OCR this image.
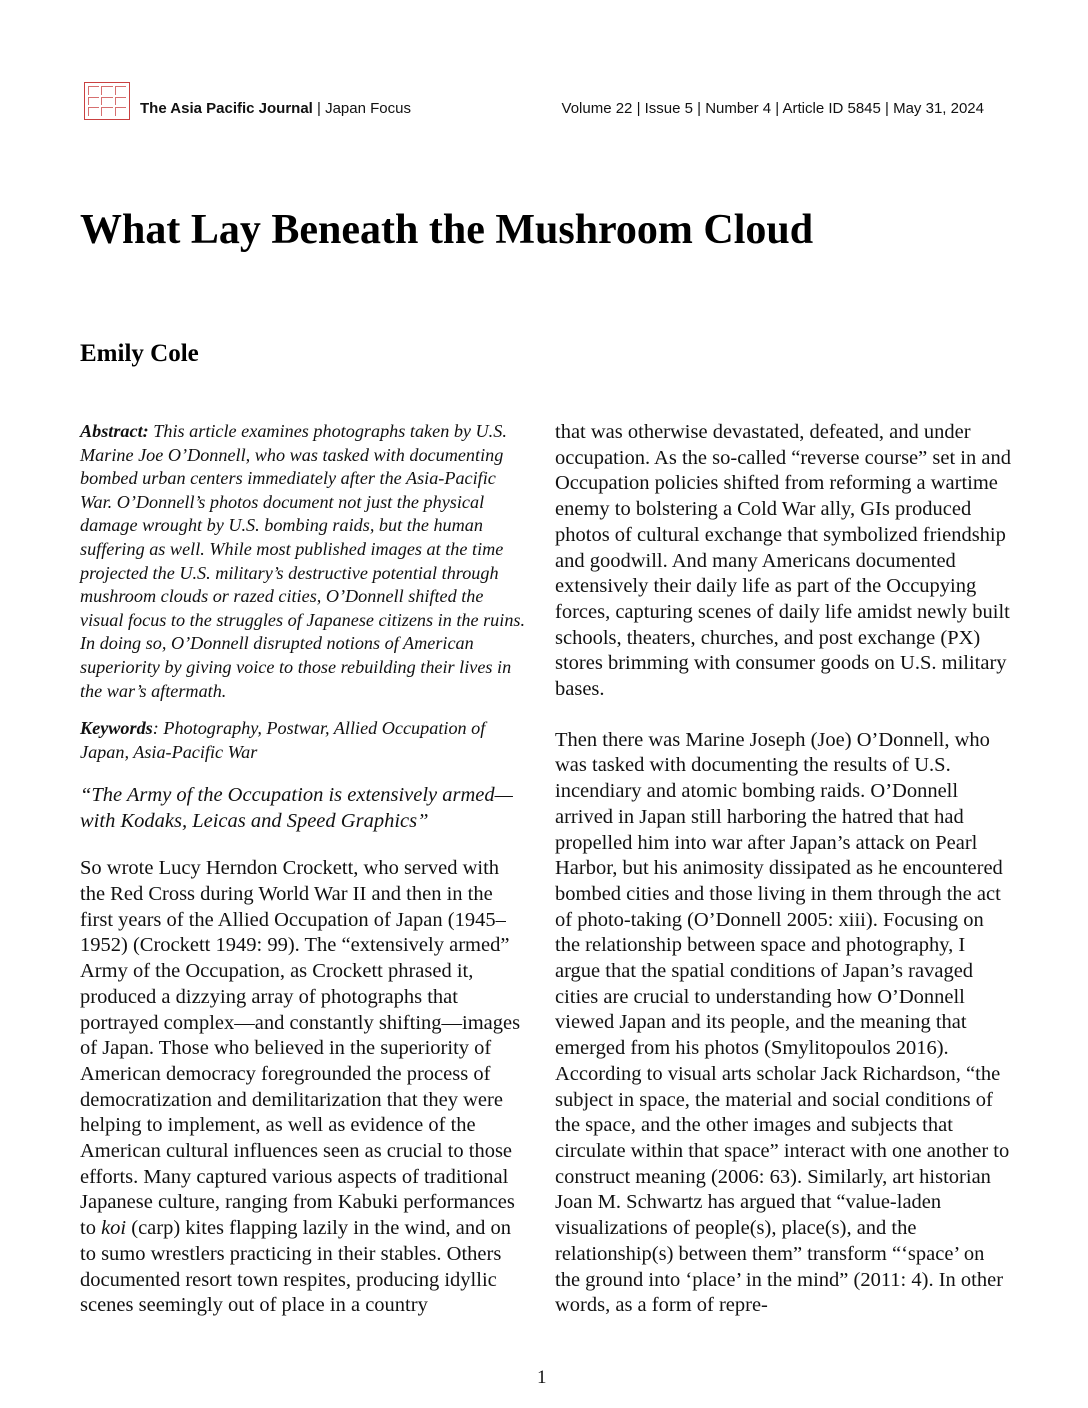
The Asia Pacific Journal | Japan Focus	Volume 22 | Issue 5 | Number 4 | Article ID 5845 | May 31, 2024
What Lay Beneath the Mushroom Cloud
Emily Cole

Abstract: This article examines photographs taken by U.S. Marine Joe O’Donnell, who was tasked with documenting bombed urban centers immediately after the Asia-Pacific War. O’Donnell’s photos document not just the physical damage wrought by U.S. bombing raids, but the human suffering as well. While most published images at the time projected the U.S. military’s destructive potential through mushroom clouds or razed cities, O’Donnell shifted the visual focus to the struggles of Japanese citizens in the ruins. In doing so, O’Donnell disrupted notions of American superiority by giving voice to those rebuilding their lives in the war’s aftermath.

Keywords: Photography, Postwar, Allied Occupation of Japan, Asia-Pacific War

“The Army of the Occupation is extensively armed—with Kodaks, Leicas and Speed Graphics”

So wrote Lucy Herndon Crockett, who served with the Red Cross during World War II and then in the first years of the Allied Occupation of Japan (1945–1952) (Crockett 1949: 99). The “extensively armed” Army of the Occupation, as Crockett phrased it, produced a dizzying array of photographs that portrayed complex—and constantly shifting—images of Japan. Those who believed in the superiority of American democracy foregrounded the process of democratization and demilitarization that they were helping to implement, as well as evidence of the American cultural influences seen as crucial to those efforts. Many captured various aspects of traditional Japanese culture, ranging from Kabuki performances to koi (carp) kites flapping lazily in the wind, and on to sumo wrestlers practicing in their stables. Others documented resort town respites, producing idyllic scenes seemingly out of place in a country

that was otherwise devastated, defeated, and under occupation. As the so-called “reverse course” set in and Occupation policies shifted from reforming a wartime enemy to bolstering a Cold War ally, GIs produced photos of cultural exchange that symbolized friendship and goodwill. And many Americans documented extensively their daily life as part of the Occupying forces, capturing scenes of daily life amidst newly built schools, theaters, churches, and post exchange (PX) stores brimming with consumer goods on U.S. military bases.

Then there was Marine Joseph (Joe) O’Donnell, who was tasked with documenting the results of U.S. incendiary and atomic bombing raids. O’Donnell arrived in Japan still harboring the hatred that had propelled him into war after Japan’s attack on Pearl Harbor, but his animosity dissipated as he encountered bombed cities and those living in them through the act of photo-taking (O’Donnell 2005: xiii). Focusing on the relationship between space and photography, I argue that the spatial conditions of Japan’s ravaged cities are crucial to understanding how O’Donnell viewed Japan and its people, and the meaning that emerged from his photos (Smylitopoulos 2016). According to visual arts scholar Jack Richardson, “the subject in space, the material and social conditions of the space, and the other images and subjects that circulate within that space” interact with one another to construct meaning (2006: 63). Similarly, art historian Joan M. Schwartz has argued that “value-laden visualizations of people(s), place(s), and the relationship(s) between them” transform “‘space’ on the ground into ‘place’ in the mind” (2011: 4). In other words, as a form of repre-

1
